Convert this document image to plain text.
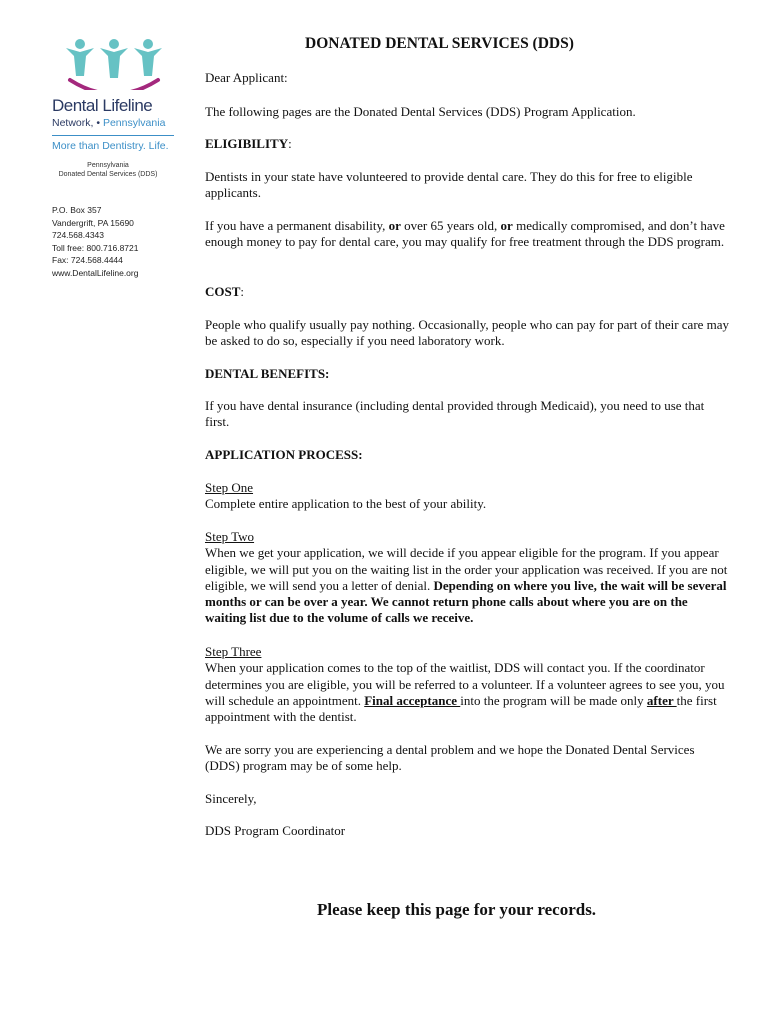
Dental Lifeline
Network, • Pennsylvania
More than Dentistry. Life.
Pennsylvania
Donated Dental Services (DDS)
P.O. Box 357
Vandergrift, PA 15690
724.568.4343
Toll free: 800.716.8721
Fax: 724.568.4444
www.DentalLifeline.org
DONATED DENTAL SERVICES (DDS)
Dear Applicant:
The following pages are the Donated Dental Services (DDS) Program Application.
ELIGIBILITY:
Dentists in your state have volunteered to provide dental care. They do this for free to eligible applicants.
If you have a permanent disability, or over 65 years old, or medically compromised, and don’t have enough money to pay for dental care, you may qualify for free treatment through the DDS program.
COST:
People who qualify usually pay nothing. Occasionally, people who can pay for part of their care may be asked to do so, especially if you need laboratory work.
DENTAL BENEFITS:
If you have dental insurance (including dental provided through Medicaid), you need to use that first.
APPLICATION PROCESS:
Step One
Complete entire application to the best of your ability.
Step Two
When we get your application, we will decide if you appear eligible for the program. If you appear eligible, we will put you on the waiting list in the order your application was received. If you are not eligible, we will send you a letter of denial. Depending on where you live, the wait will be several months or can be over a year. We cannot return phone calls about where you are on the waiting list due to the volume of calls we receive.
Step Three
When your application comes to the top of the waitlist, DDS will contact you. If the coordinator determines you are eligible, you will be referred to a volunteer. If a volunteer agrees to see you, you will schedule an appointment. Final acceptance into the program will be made only after the first appointment with the dentist.
We are sorry you are experiencing a dental problem and we hope the Donated Dental Services (DDS) program may be of some help.
Sincerely,
DDS Program Coordinator
Please keep this page for your records.
